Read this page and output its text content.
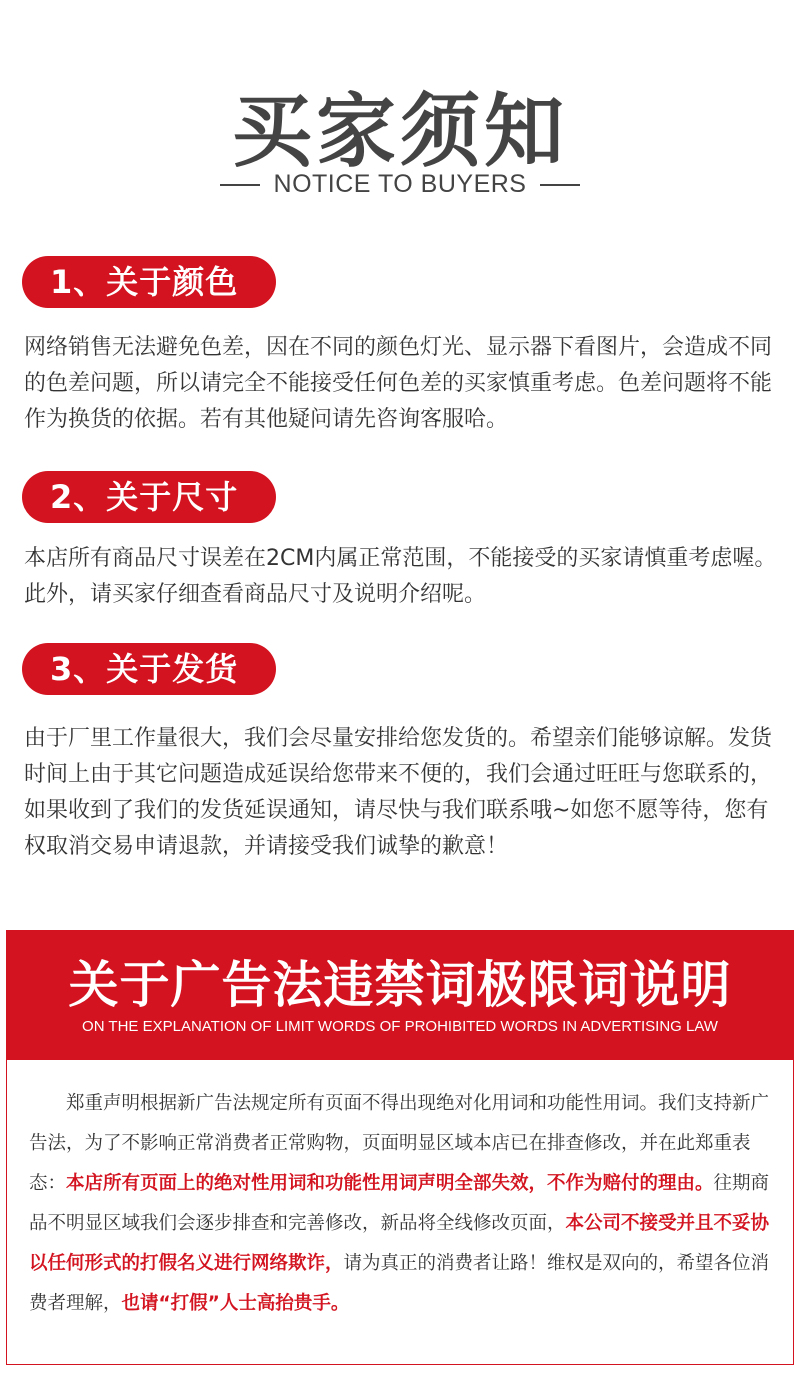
买家须知
NOTICE TO BUYERS
1、关于颜色

网络销售无法避免色差，因在不同的颜色灯光、显示器下看图片，会造成不同的色差问题，所以请完全不能接受任何色差的买家慎重考虑。色差问题将不能作为换货的依据。若有其他疑问请先咨询客服哈。

2、关于尺寸

本店所有商品尺寸误差在2CM内属正常范围，不能接受的买家请慎重考虑喔。此外，请买家仔细查看商品尺寸及说明介绍呢。

3、关于发货

由于厂里工作量很大，我们会尽量安排给您发货的。希望亲们能够谅解。发货时间上由于其它问题造成延误给您带来不便的，我们会通过旺旺与您联系的，如果收到了我们的发货延误通知，请尽快与我们联系哦~如您不愿等待，您有权取消交易申请退款，并请接受我们诚挚的歉意！

关于广告法违禁词极限词说明
ON THE EXPLANATION OF LIMIT WORDS OF PROHIBITED WORDS IN ADVERTISING LAW

郑重声明根据新广告法规定所有页面不得出现绝对化用词和功能性用词。我们支持新广告法，为了不影响正常消费者正常购物，页面明显区域本店已在排查修改，并在此郑重表态：本店所有页面上的绝对性用词和功能性用词声明全部失效，不作为赔付的理由。往期商品不明显区域我们会逐步排查和完善修改，新品将全线修改页面，本公司不接受并且不妥协以任何形式的打假名义进行网络欺诈，请为真正的消费者让路！维权是双向的，希望各位消费者理解，也请“打假”人士高抬贵手。
